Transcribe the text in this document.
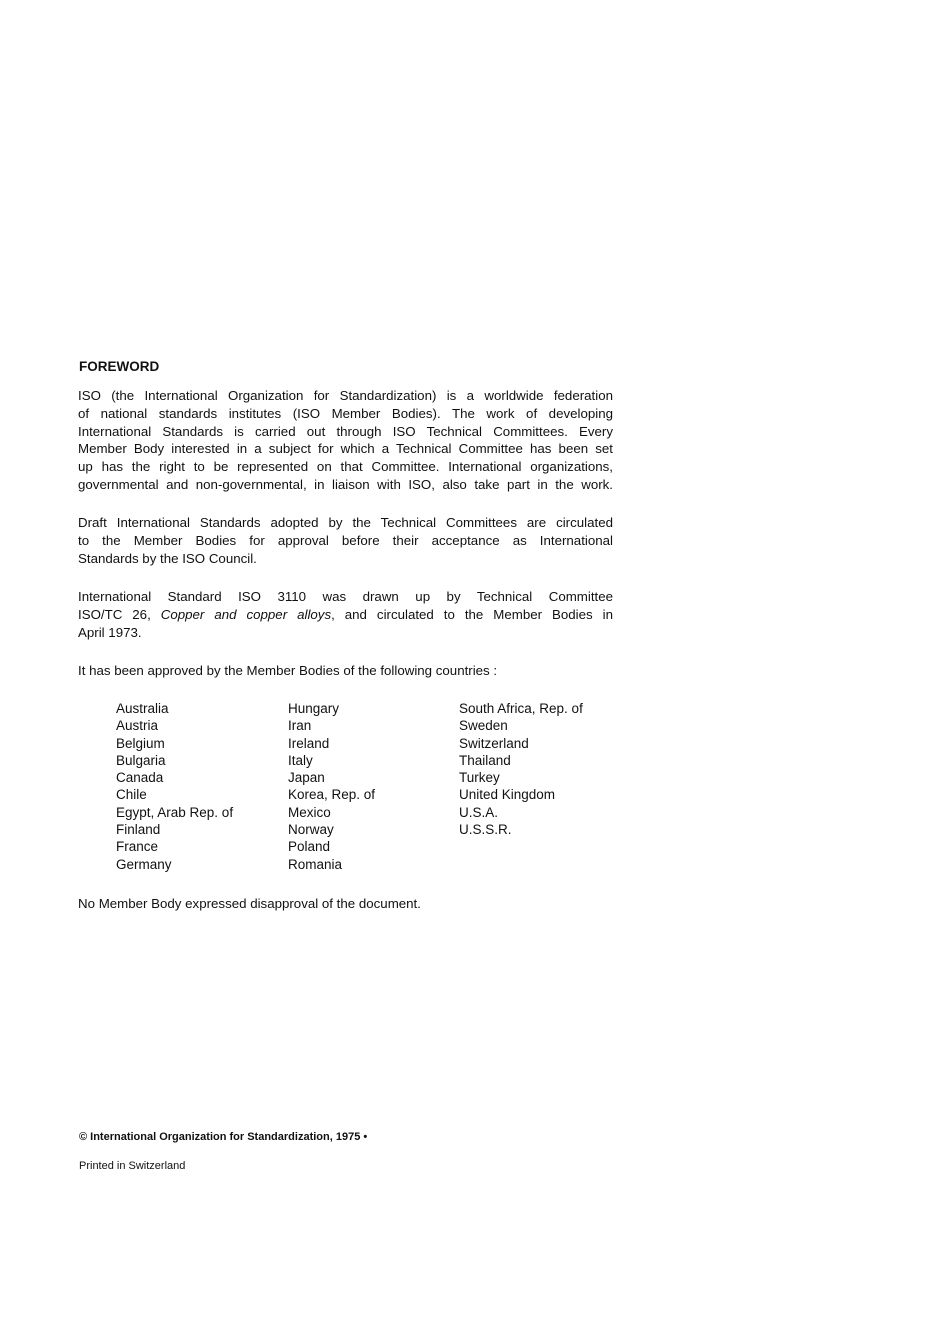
FOREWORD
ISO (the International Organization for Standardization) is a worldwide federation
of national standards institutes (ISO Member Bodies). The work of developing
International Standards is carried out through ISO Technical Committees. Every
Member Body interested in a subject for which a Technical Committee has been set
up has the right to be represented on that Committee. International organizations,
governmental and non-governmental, in liaison with ISO, also take part in the work.
Draft International Standards adopted by the Technical Committees are circulated
to the Member Bodies for approval before their acceptance as International
Standards by the ISO Council.
International Standard ISO 3110 was drawn up by Technical Committee
ISO/TC 26, Copper and copper alloys, and circulated to the Member Bodies in
April 1973.
It has been approved by the Member Bodies of the following countries :
Australia
Austria
Belgium
Bulgaria
Canada
Chile
Egypt, Arab Rep. of
Finland
France
Germany
Hungary
Iran
Ireland
Italy
Japan
Korea, Rep. of
Mexico
Norway
Poland
Romania
South Africa, Rep. of
Sweden
Switzerland
Thailand
Turkey
United Kingdom
U.S.A.
U.S.S.R.
No Member Body expressed disapproval of the document.
© International Organization for Standardization, 1975 •
Printed in Switzerland
